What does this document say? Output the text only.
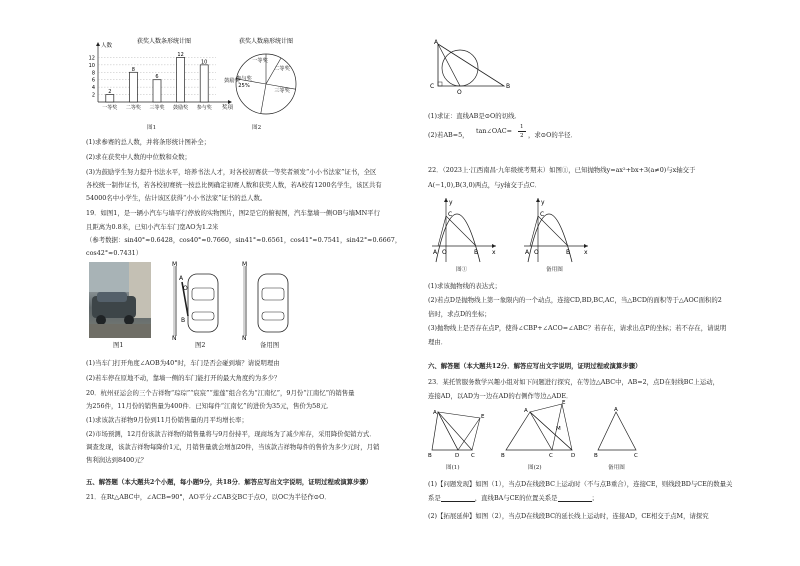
获奖人数条形统计图
人数
奖项
2
4
6
8
10
12
2
一等奖
8
二等奖
6
三等奖
12
鼓励奖
10
参与奖
图1
获奖人数扇形统计图
一等奖
二等奖
三等奖
鼓励奖
参与奖
25%
图2
(1)求参赛的总人数，并将条形统计图补全；
(2)求在获奖中人数的中位数和众数；
(3)为鼓励学生努力提升书法水平，培养书法人才，对各校初赛获一等奖者颁发“小小书法家”证书，全区
各校统一制作证书，若各校初赛统一按总比例确定初赛人数和获奖人数，若A校有1200名学生，该区共有
54000名中小学生，估计该区获得“小小书法家”证书的总人数。
19．如图1，是一辆小汽车与墙平行停放的实物图片，图2是它的俯视图，汽车靠墙一侧OB与墙MN平行
且距离为0.8米，已知小汽车车门宽AO为1.2米
（参考数据：sin40°≈0.6428，cos40°≈0.7660，sin41°≈0.6561，cos41°≈0.7541，sin42°≈0.6667，
cos42°≈0.7431）
图1
M
N
A
O
B
图2
M
N
备用图
(1)当车门打开角度∠AOB为40°时，车门是否会碰到墙？请说明理由
(2)若车停在原地不动，靠墙一侧的车门能打开的最大角度约为多少？
20．杭州亚运会的三个吉祥物“琮琮”“宸宸”“莲莲”组合名为“江南忆”，9月份“江南忆”的销售量
为256件，11月份的销售量为400件．已知每件“江南忆”的进价为35元，售价为58元．
(1)求该款吉祥物9月份到11月份销售量的月平均增长率；
(2)市场预测，12月份该款吉祥物的销售量将与9月份持平，现商场为了减少库存，采用降价促销方式．
调查发现，该款吉祥物每降价1元，月销售量就会增加20件，当该款吉祥物每件的售价为多少元时，月销
售利润达到8400元？
五、解答题（本大题共2个小题，每小题9分，共18分．解答应写出文字说明，证明过程或演算步骤）
21．在Rt△ABC中，∠ACB=90°，AO平分∠CAB交BC于点O，以OC为半径作⊙O．
A
C
O
B
(1)求证：直线AB是⊙O的切线．
(2)若AB=5， tan∠OAC= 1
2 ，求⊙O的半径．
22．（2023上·江西南昌·九年级统考期末）如图①，已知抛物线y=ax²+bx+3(a≠0)与x轴交于
A(−1,0),B(3,0)两点，与y轴交于点C．
y
x
C
A O	B
图①
y
x
C
A O	B
备用图
(1)求该抛物线的表达式；
(2)若点D是抛物线上第一象限内的一个动点，连接CD,BD,BC,AC，当△BCD的面积等于△AOC面积的2
倍时，求点D的坐标；
(3)抛物线上是否存在点P，使得∠CBP+∠ACO=∠ABC？若存在，请求出点P的坐标；若不存在，请说明
理由．
六、解答题（本大题共12分．解答应写出文字说明，证明过程或演算步骤）
23．某托管服务数学兴趣小组对如下问题进行探究，在等边△ABC中，AB=2，点D在射线BC上运动，
连接AD，以AD为一边在AD的右侧作等边△ADE．
A
B	D C
E
图(1)
E
A
M
B	C	D
图(2)
A
B	C
备用图
(1)【问题发现】如图（1），当点D在线段BC上运动时（不与点B重合），连接CE，则线段BD与CE的数量关
系是	，直线BA与CE的位置关系是	；
(2)【拓展延伸】如图（2），当点D在线段BC的延长线上运动时，连接AD，CE相交于点M，请探究
